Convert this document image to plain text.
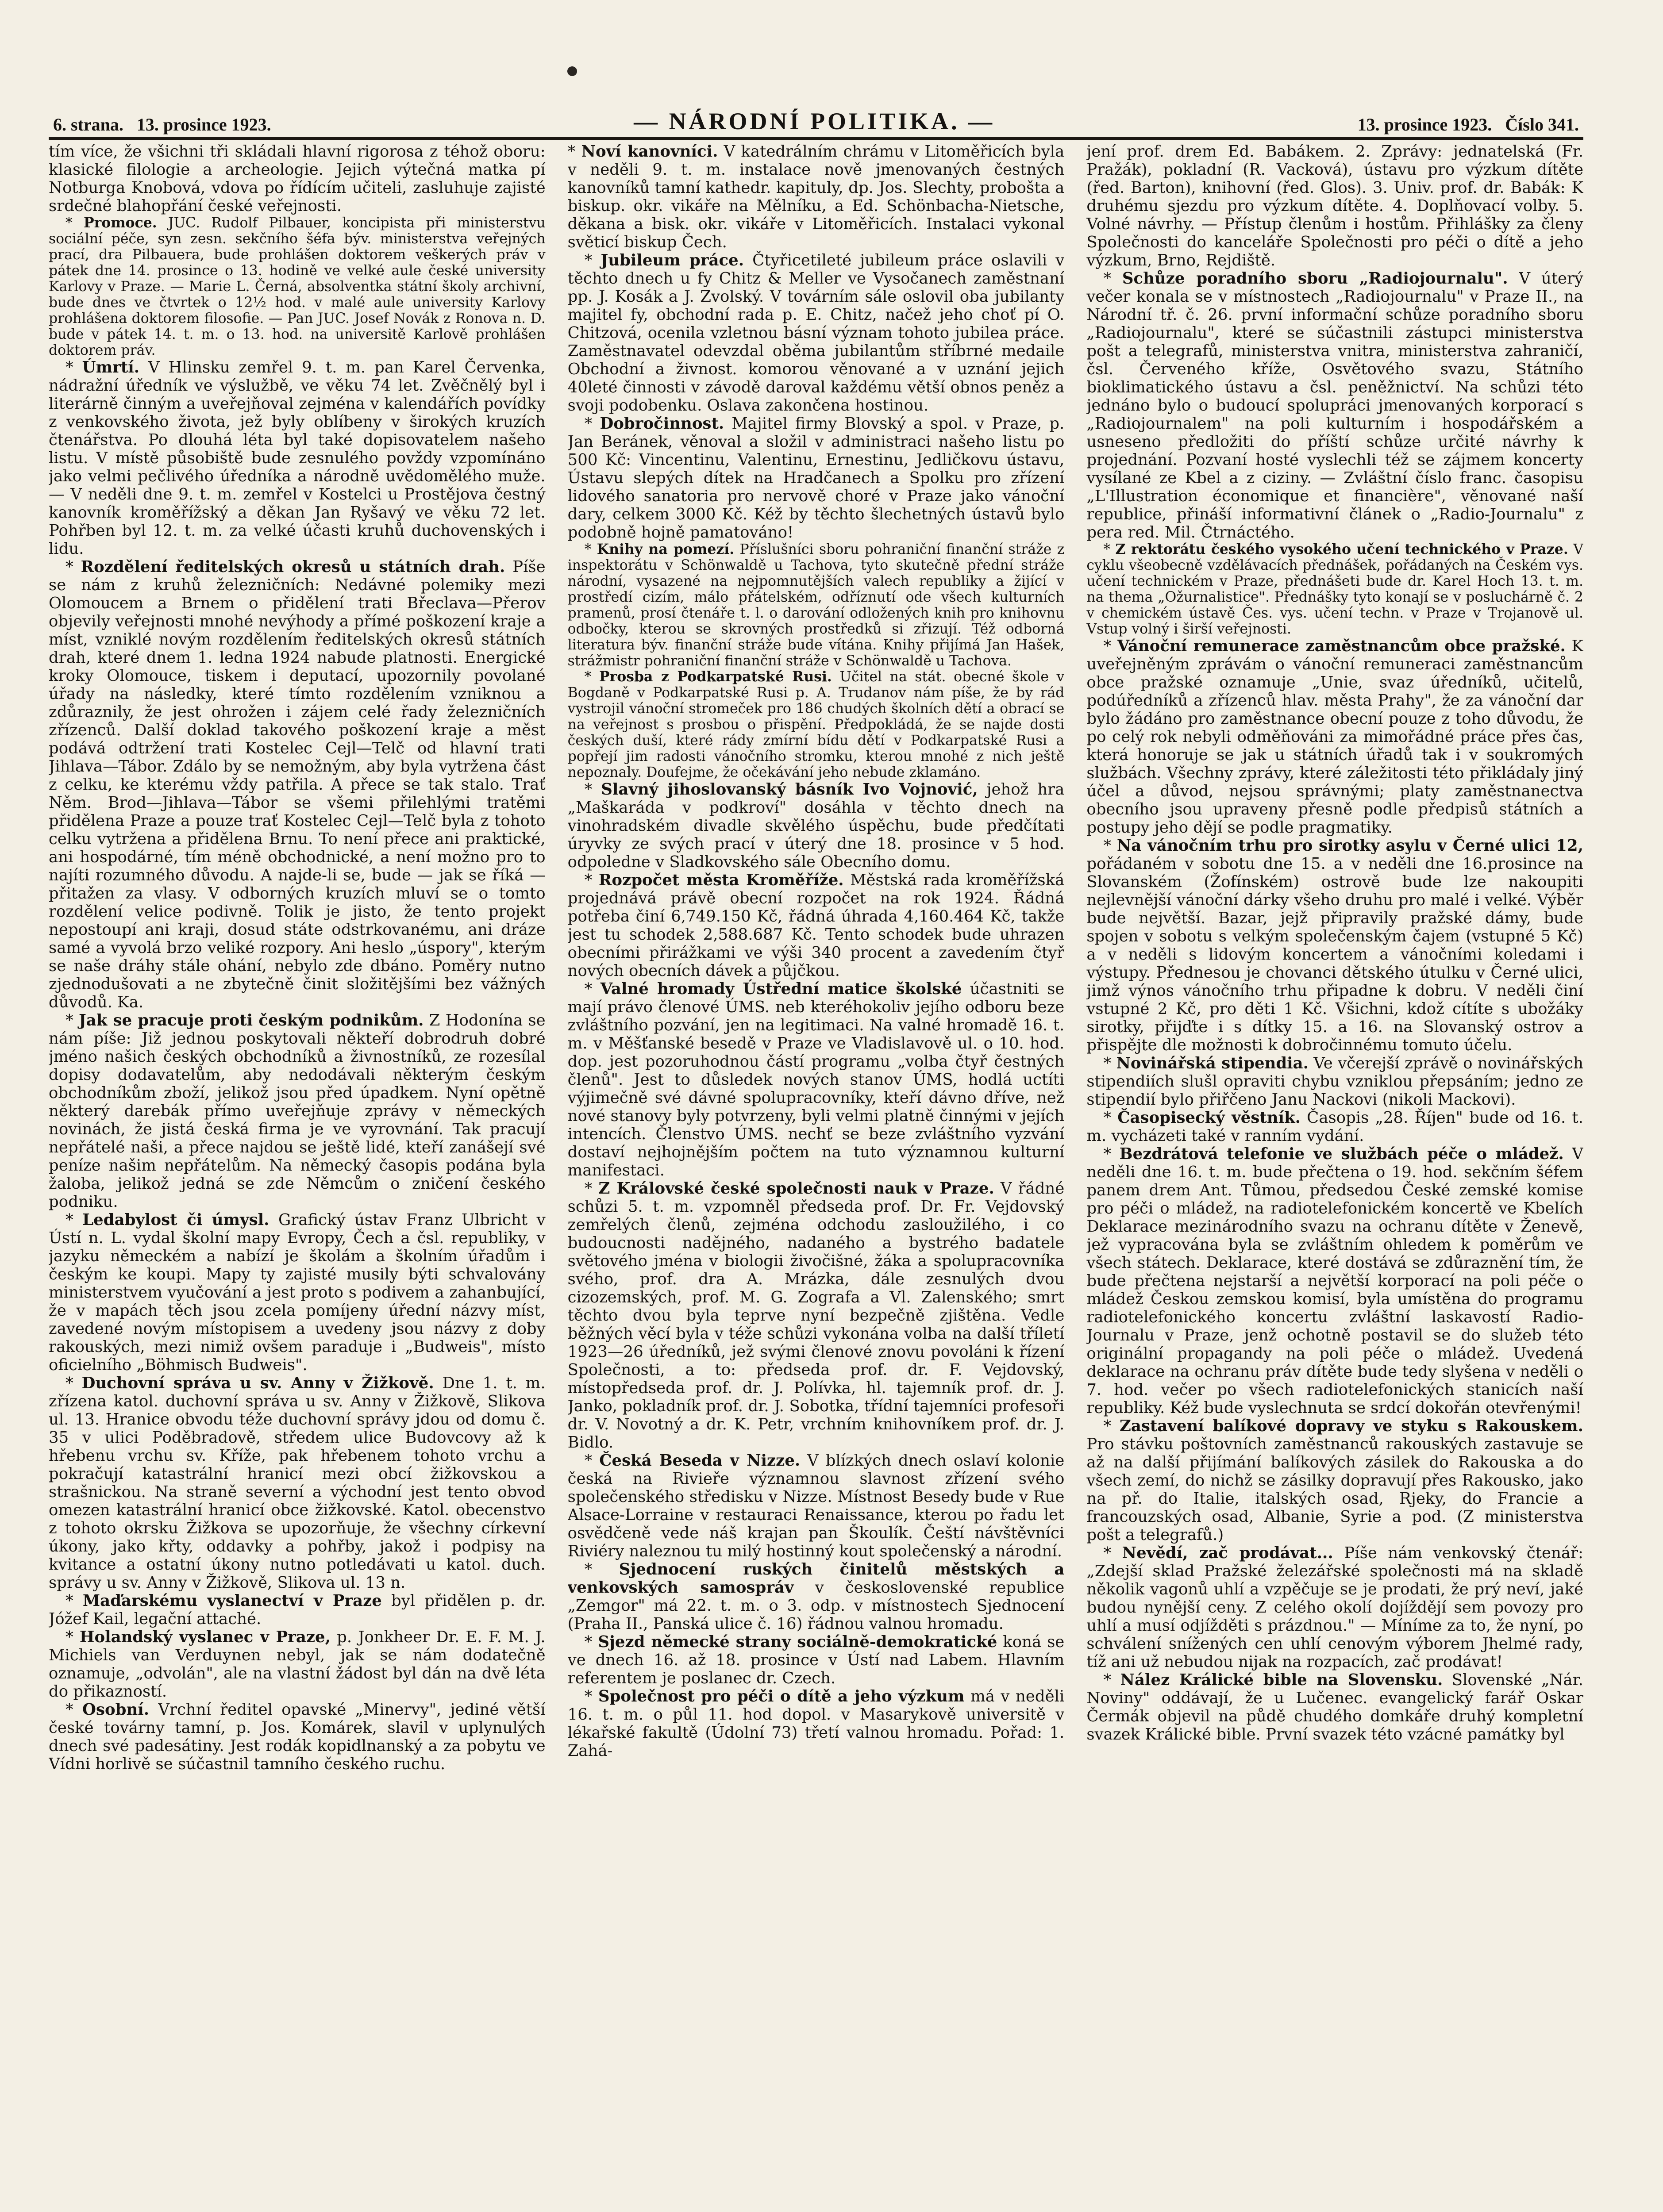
6. strana. 13. prosince 1923.	— NÁRODNÍ POLITIKA. —	13. prosince 1923. Číslo 341.

tím více, že všichni tři skládali hlavní rigorosa z téhož oboru: klasické filologie a archeologie. Jejich výtečná matka pí Notburga Knobová, vdova po řídícím učiteli, zasluhuje zajisté srdečné blahopřání české veřejnosti.

* Promoce. JUC. Rudolf Pilbauer, koncipista při ministerstvu sociální péče, syn zesn. sekčního šéfa býv. ministerstva veřejných prací, dra Pilbauera, bude prohlášen doktorem veškerých práv v pátek dne 14. prosince o 13. hodině ve velké aule české university Karlovy v Praze. — Marie L. Černá, absolventka státní školy archivní, bude dnes ve čtvrtek o 12½ hod. v malé aule university Karlovy prohlášena doktorem filosofie. — Pan JUC. Josef Novák z Ronova n. D. bude v pátek 14. t. m. o 13. hod. na universitě Karlově prohlášen doktorem práv.

* Úmrtí. V Hlinsku zemřel 9. t. m. pan Karel Červenka, nádražní úředník ve výslužbě, ve věku 74 let. Zvěčnělý byl i literárně činným a uveřejňoval zejména v kalendářích povídky z venkovského života, jež byly oblíbeny v širokých kruzích čtenářstva. Po dlouhá léta byl také dopisovatelem našeho listu. V místě působiště bude zesnulého povždy vzpomínáno jako velmi pečlivého úředníka a národně uvědomělého muže. — V neděli dne 9. t. m. zemřel v Kostelci u Prostějova čestný kanovník kroměřížský a děkan Jan Ryšavý ve věku 72 let. Pohřben byl 12. t. m. za velké účasti kruhů duchovenských i lidu.

* Rozdělení ředitelských okresů u státních drah. Píše se nám z kruhů železničních: Nedávné polemiky mezi Olomoucem a Brnem o přidělení trati Břeclava—Přerov objevily veřejnosti mnohé nevýhody a přímé poškození kraje a míst, vzniklé novým rozdělením ředitelských okresů státních drah, které dnem 1. ledna 1924 nabude platnosti. Energické kroky Olomouce, tiskem i deputací, upozornily povolané úřady na následky, které tímto rozdělením vzniknou a zdůraznily, že jest ohrožen i zájem celé řady železničních zřízenců. Další doklad takového poškození kraje a měst podává odtržení trati Kostelec Cejl—Telč od hlavní trati Jihlava—Tábor. Zdálo by se nemožným, aby byla vytržena část z celku, ke kterému vždy patřila. A přece se tak stalo. Trať Něm. Brod—Jihlava—Tábor se všemi přilehlými tratěmi přidělena Praze a pouze trať Kostelec Cejl—Telč byla z tohoto celku vytržena a přidělena Brnu. To není přece ani praktické, ani hospodárné, tím méně obchodnické, a není možno pro to najíti rozumného důvodu. A najde-li se, bude — jak se říká — přitažen za vlasy. V odborných kruzích mluví se o tomto rozdělení velice podivně. Tolik je jisto, že tento projekt nepostoupí ani kraji, dosud státe odstrkovanému, ani dráze samé a vyvolá brzo veliké rozpory. Ani heslo „úspory", kterým se naše dráhy stále ohání, nebylo zde dbáno. Poměry nutno zjednodušovati a ne zbytečně činit složitějšími bez vážných důvodů. Ka.

* Jak se pracuje proti českým podnikům. Z Hodonína se nám píše: Již jednou poskytovali někteří dobrodruh dobré jméno našich českých obchodníků a živnostníků, ze rozesílal dopisy dodavatelům, aby nedodávali některým českým obchodníkům zboží, jelikož jsou před úpadkem. Nyní opětně některý darebák přímo uveřejňuje zprávy v německých novinách, že jistá česká firma je ve vyrovnání. Tak pracují nepřátelé naši, a přece najdou se ještě lidé, kteří zanášejí své peníze našim nepřátelům. Na německý časopis podána byla žaloba, jelikož jedná se zde Němcům o zničení českého podniku.

* Ledabylost či úmysl. Grafický ústav Franz Ulbricht v Ústí n. L. vydal školní mapy Evropy, Čech a čsl. republiky, v jazyku německém a nabízí je školám a školním úřadům i českým ke koupi. Mapy ty zajisté musily býti schvalovány ministerstvem vyučování a jest proto s podivem a zahanbující, že v mapách těch jsou zcela pomíjeny úřední názvy míst, zavedené novým místopisem a uvedeny jsou názvy z doby rakouských, mezi nimiž ovšem paraduje i „Budweis", místo oficielního „Böhmisch Budweis".

* Duchovní správa u sv. Anny v Žižkově. Dne 1. t. m. zřízena katol. duchovní správa u sv. Anny v Žižkově, Slikova ul. 13. Hranice obvodu téže duchovní správy jdou od domu č. 35 v ulici Poděbradově, středem ulice Budovcovy až k hřebenu vrchu sv. Kříže, pak hřebenem tohoto vrchu a pokračují katastrální hranicí mezi obcí žižkovskou a strašnickou. Na straně severní a východní jest tento obvod omezen katastrální hranicí obce žižkovské. Katol. obecenstvo z tohoto okrsku Žižkova se upozorňuje, že všechny církevní úkony, jako křty, oddavky a pohřby, jakož i podpisy na kvitance a ostatní úkony nutno potledávati u katol. duch. správy u sv. Anny v Žižkově, Slikova ul. 13 n.

* Maďarskému vyslanectví v Praze byl přidělen p. dr. Jóžef Kail, legační attaché.

* Holandský vyslanec v Praze, p. Jonkheer Dr. E. F. M. J. Michiels van Verduynen nebyl, jak se nám dodatečně oznamuje, „odvolán", ale na vlastní žádost byl dán na dvě léta do přikazností.

* Osobní. Vrchní ředitel opavské „Minervy", jediné větší české továrny tamní, p. Jos. Komárek, slavil v uplynulých dnech své padesátiny. Jest rodák kopidlnanský a za pobytu ve Vídni horlivě se súčastnil tamního českého ruchu.

* Noví kanovníci. V katedrálním chrámu v Litoměřicích byla v neděli 9. t. m. instalace nově jmenovaných čestných kanovníků tamní kathedr. kapituly, dp. Jos. Slechty, proboštа a biskup. okr. vikáře na Mělníku, a Ed. Schönbacha-Nietsche, děkana a bisk. okr. vikáře v Litoměřicích. Instalaci vykonal světicí biskup Čech.

* Jubileum práce. Čtyřicetileté jubileum práce oslavili v těchto dnech u fy Chitz & Meller ve Vysočanech zaměstnaní pp. J. Kosák a J. Zvolský. V továrním sále oslovil oba jubilanty majitel fy, obchodní rada p. E. Chitz, načež jeho choť pí O. Chitzová, ocenila vzletnou básní význam tohoto jubilea práce. Zaměstnavatel odevzdal oběma jubilantům stříbrné medaile Obchodní a živnost. komorou věnované a v uznání jejich 40leté činnosti v závodě daroval každému větší obnos peněz a svoji podobenku. Oslava zakončena hostinou.

* Dobročinnost. Majitel firmy Blovský a spol. v Praze, p. Jan Beránek, věnoval a složil v administraci našeho listu po 500 Kč: Vincentinu, Valentinu, Ernestinu, Jedličkovu ústavu, Ústavu slepých dítek na Hradčanech a Spolku pro zřízení lidového sanatoria pro nervově choré v Praze jako vánoční dary, celkem 3000 Kč. Kéž by těchto šlechetných ústavů bylo podobně hojně pamatováno!

* Knihy na pomezí. Příslušníci sboru pohraniční finanční stráže z inspektorátu v Schönwaldě u Tachova, tyto skutečně přední stráže národní, vysazené na nejpomnutějších valech republiky a žijící v prostředí cizím, málo přátelském, odříznutí ode všech kulturních pramenů, prosí čtenáře t. l. o darování odložených knih pro knihovnu odbočky, kterou se skrovných prostředků si zřizují. Též odborná literatura býv. finanční stráže bude vítána. Knihy přijímá Jan Hašek, strážmistr pohraniční finanční stráže v Schönwaldě u Tachova.

* Prosba z Podkarpatské Rusi. Učitel na stát. obecné škole v Bogdaně v Podkarpatské Rusi p. A. Trudanov nám píše, že by rád vystrojil vánoční stromeček pro 186 chudých školních dětí a obrací se na veřejnost s prosbou o přispění. Předpokládá, že se najde dosti českých duší, které rády zmírní bídu dětí v Podkarpatské Rusi a popřejí jim radosti vánočního stromku, kterou mnohé z nich ještě nepoznaly. Doufejme, že očekávání jeho nebude zklamáno.

* Slavný jihoslovanský básník Ivo Vojnović, jehož hra „Maškaráda v podkroví" dosáhla v těchto dnech na vinohradském divadle skvělého úspěchu, bude předčítati úryvky ze svých prací v úterý dne 18. prosince v 5 hod. odpoledne v Sladkovského sále Obecního domu.

* Rozpočet města Kroměříže. Městská rada kroměřížská projednává právě obecní rozpočet na rok 1924. Řádná potřeba činí 6,749.150 Kč, řádná úhrada 4,160.464 Kč, takže jest tu schodek 2,588.687 Kč. Tento schodek bude uhrazen obecními přirážkami ve výši 340 procent a zavedením čtyř nových obecních dávek a půjčkou.

* Valné hromady Ústřední matice školské účastniti se mají právo členové ÚMS. neb kteréhokoliv jejího odboru beze zvláštního pozvání, jen na legitimaci. Na valné hromadě 16. t. m. v Měšťanské besedě v Praze ve Vladislavově ul. o 10. hod. dop. jest pozoruhodnou částí programu „volba čtyř čestných členů". Jest to důsledek nových stanov ÚMS, hodlá uctíti výjimečně své dávné spolupracovníky, kteří dávno dříve, než nové stanovy byly potvrzeny, byli velmi platně činnými v jejích intencích. Členstvo ÚMS. nechť se beze zvláštního vyzvání dostaví nejhojnějším počtem na tuto významnou kulturní manifestaci.

* Z Královské české společnosti nauk v Praze. V řádné schůzi 5. t. m. vzpomněl předseda prof. Dr. Fr. Vejdovský zemřelých členů, zejména odchodu zasloužilého, i co budoucnosti nadějného, nadaného a bystrého badatele světového jména v biologii živočišné, žáka a spolupracovníka svého, prof. dra A. Mrázka, dále zesnulých dvou cizozemských, prof. M. G. Zografa a Vl. Zalenského; smrt těchto dvou byla teprve nyní bezpečně zjištěna. Vedle běžných věcí byla v téže schůzi vykonána volba na další tříletí 1923—26 úředníků, jež svými členové znovu povoláni k řízení Společnosti, a to: předseda prof. dr. F. Vejdovský, místopředseda prof. dr. J. Polívka, hl. tajemník prof. dr. J. Janko, pokladník prof. dr. J. Sobotka, třídní tajemníci profesoři dr. V. Novotný a dr. K. Petr, vrchním knihovníkem prof. dr. J. Bidlo.

* Česká Beseda v Nizze. V blízkých dnech oslaví kolonie česká na Rivieře významnou slavnost zřízení svého společenského středisku v Nizze. Místnost Besedy bude v Rue Alsace-Lorraine v restauraci Renaissance, kterou po řadu let osvědčeně vede náš krajan pan Škoulík. Čeští návštěvníci Riviéry naleznou tu milý hostinný kout společenský a národní.

* Sjednocení ruských činitelů městských a venkovských samospráv v československé republice „Zemgor" má 22. t. m. o 3. odp. v místnostech Sjednocení (Praha II., Panská ulice č. 16) řádnou valnou hromadu.

* Sjezd německé strany sociálně-demokratické koná se ve dnech 16. až 18. prosince v Ústí nad Labem. Hlavním referentem je poslanec dr. Czech.

* Společnost pro péči o dítě a jeho výzkum má v neděli 16. t. m. o půl 11. hod dopol. v Masarykově universitě v lékařské fakultě (Údolní 73) třetí valnou hromadu. Pořad: 1. Zahá-

jení prof. drem Ed. Babákem. 2. Zprávy: jednatelská (Fr. Pražák), pokladní (R. Vacková), ústavu pro výzkum dítěte (řed. Barton), knihovní (řed. Glos). 3. Univ. prof. dr. Babák: K druhému sjezdu pro výzkum dítěte. 4. Doplňovací volby. 5. Volné návrhy. — Přístup členům i hostům. Přihlášky za členy Společnosti do kanceláře Společnosti pro péči o dítě a jeho výzkum, Brno, Rejdiště.

* Schůze poradního sboru „Radiojournalu". V úterý večer konala se v místnostech „Radiojournalu" v Praze II., na Národní tř. č. 26. první informační schůze poradního sboru „Radiojournalu", které se súčastnili zástupci ministerstva pošt a telegrafů, ministerstva vnitra, ministerstva zahraničí, čsl. Červeného kříže, Osvětového svazu, Státního bioklimatického ústavu a čsl. peněžnictví. Na schůzi této jednáno bylo o budoucí spolupráci jmenovaných korporací s „Radiojournalem" na poli kulturním i hospodářském a usneseno předložiti do příští schůze určité návrhy k projednání. Pozvaní hosté vyslechli též se zájmem koncerty vysílané ze Kbel a z ciziny. — Zvláštní číslo franc. časopisu „L'Illustration économique et financière", věnované naší republice, přináší informativní článek o „Radio-Journalu" z pera red. Mil. Čtrnáctého.

* Z rektorátu českého vysokého učení technického v Praze. V cyklu všeobecně vzdělávacích přednášek, pořádaných na Českém vys. učení technickém v Praze, přednášeti bude dr. Karel Hoch 13. t. m. na thema „Ožurnalistice". Přednášky tyto konají se v posluchárně č. 2 v chemickém ústavě Čes. vys. učení techn. v Praze v Trojanově ul. Vstup volný i širší veřejnosti.

* Vánoční remunerace zaměstnancům obce pražské. K uveřejněným zprávám o vánoční remuneraci zaměstnancům obce pražské oznamuje „Unie, svaz úředníků, učitelů, podúředníků a zřízenců hlav. města Prahy", že za vánoční dar bylo žádáno pro zaměstnance obecní pouze z toho důvodu, že po celý rok nebyli odměňováni za mimořádné práce přes čas, která honoruje se jak u státních úřadů tak i v soukromých službách. Všechny zprávy, které záležitosti této přikládaly jiný účel a důvod, nejsou správnými; platy zaměstnanectva obecního jsou upraveny přesně podle předpisů státních a postupy jeho dějí se podle pragmatiky.

* Na vánočním trhu pro sirotky asylu v Černé ulici 12, pořádaném v sobotu dne 15. a v neděli dne 16.prosince na Slovanském (Žofínském) ostrově bude lze nakoupiti nejlevnější vánoční dárky všeho druhu pro malé i velké. Výběr bude největší. Bazar, jejž připravily pražské dámy, bude spojen v sobotu s velkým společenským čajem (vstupné 5 Kč) a v neděli s lidovým koncertem a vánočními koledami i výstupy. Přednesou je chovanci dětského útulku v Černé ulici, jimž výnos vánočního trhu připadne k dobru. V neděli činí vstupné 2 Kč, pro děti 1 Kč. Všichni, kdož cítíte s ubožáky sirotky, přijďte i s dítky 15. a 16. na Slovanský ostrov a přispějte dle možnosti k dobročinnému tomuto účelu.

* Novinářská stipendia. Ve včerejší zprávě o novinářských stipendiích slušl opraviti chybu vzniklou přepsáním; jedno ze stipendií bylo přiřčeno Janu Nackovi (nikoli Mackovi).

* Časopisecký věstník. Časopis „28. Říjen" bude od 16. t. m. vycházeti také v ranním vydání.

* Bezdrátová telefonie ve službách péče o mládež. V neděli dne 16. t. m. bude přečtena o 19. hod. sekčním šéfem panem drem Ant. Tůmou, předsedou České zemské komise pro péči o mládež, na radiotelefonickém koncertě ve Kbelích Deklarace mezinárodního svazu na ochranu dítěte v Ženevě, jež vypracována byla se zvláštním ohledem k poměrům ve všech státech. Deklarace, které dostává se zdůraznění tím, že bude přečtena nejstarší a největší korporací na poli péče o mládež Českou zemskou komisí, byla umístěna do programu radiotelefonického koncertu zvláštní laskavostí Radio-Journalu v Praze, jenž ochotně postavil se do služeb této originální propagandy na poli péče o mládež. Uvedená deklarace na ochranu práv dítěte bude tedy slyšena v neděli o 7. hod. večer po všech radiotelefonických stanicích naší republiky. Kéž bude vyslechnuta se srdcí dokořán otevřenými!

* Zastavení balíkové dopravy ve styku s Rakouskem. Pro stávku poštovních zaměstnanců rakouských zastavuje se až na další přijímání balíkových zásilek do Rakouska a do všech zemí, do nichž se zásilky dopravují přes Rakousko, jako na př. do Italie, italských osad, Rjeky, do Francie a francouzských osad, Albanie, Syrie a pod. (Z ministerstva pošt a telegrafů.)

* Nevědí, zač prodávat... Píše nám venkovský čtenář: „Zdejší sklad Pražské železářské společnosti má na skladě několik vagonů uhlí a vzpěčuje se je prodati, že prý neví, jaké budou nynější ceny. Z celého okolí dojíždějí sem povozy pro uhlí a musí odjížděti s prázdnou." — Míníme za to, že nyní, po schválení snížených cen uhlí cenovým výborem Jhelmé rady, tíž ani už nebudou nijak na rozpacích, zač prodávat!

* Nález Králické bible na Slovensku. Slovenské „Nár. Noviny" oddávají, že u Lučenec. evangelický farář Oskar Čermák objevil na půdě chudého domkáře druhý kompletní svazek Králické bible. První svazek této vzácné památky byl
